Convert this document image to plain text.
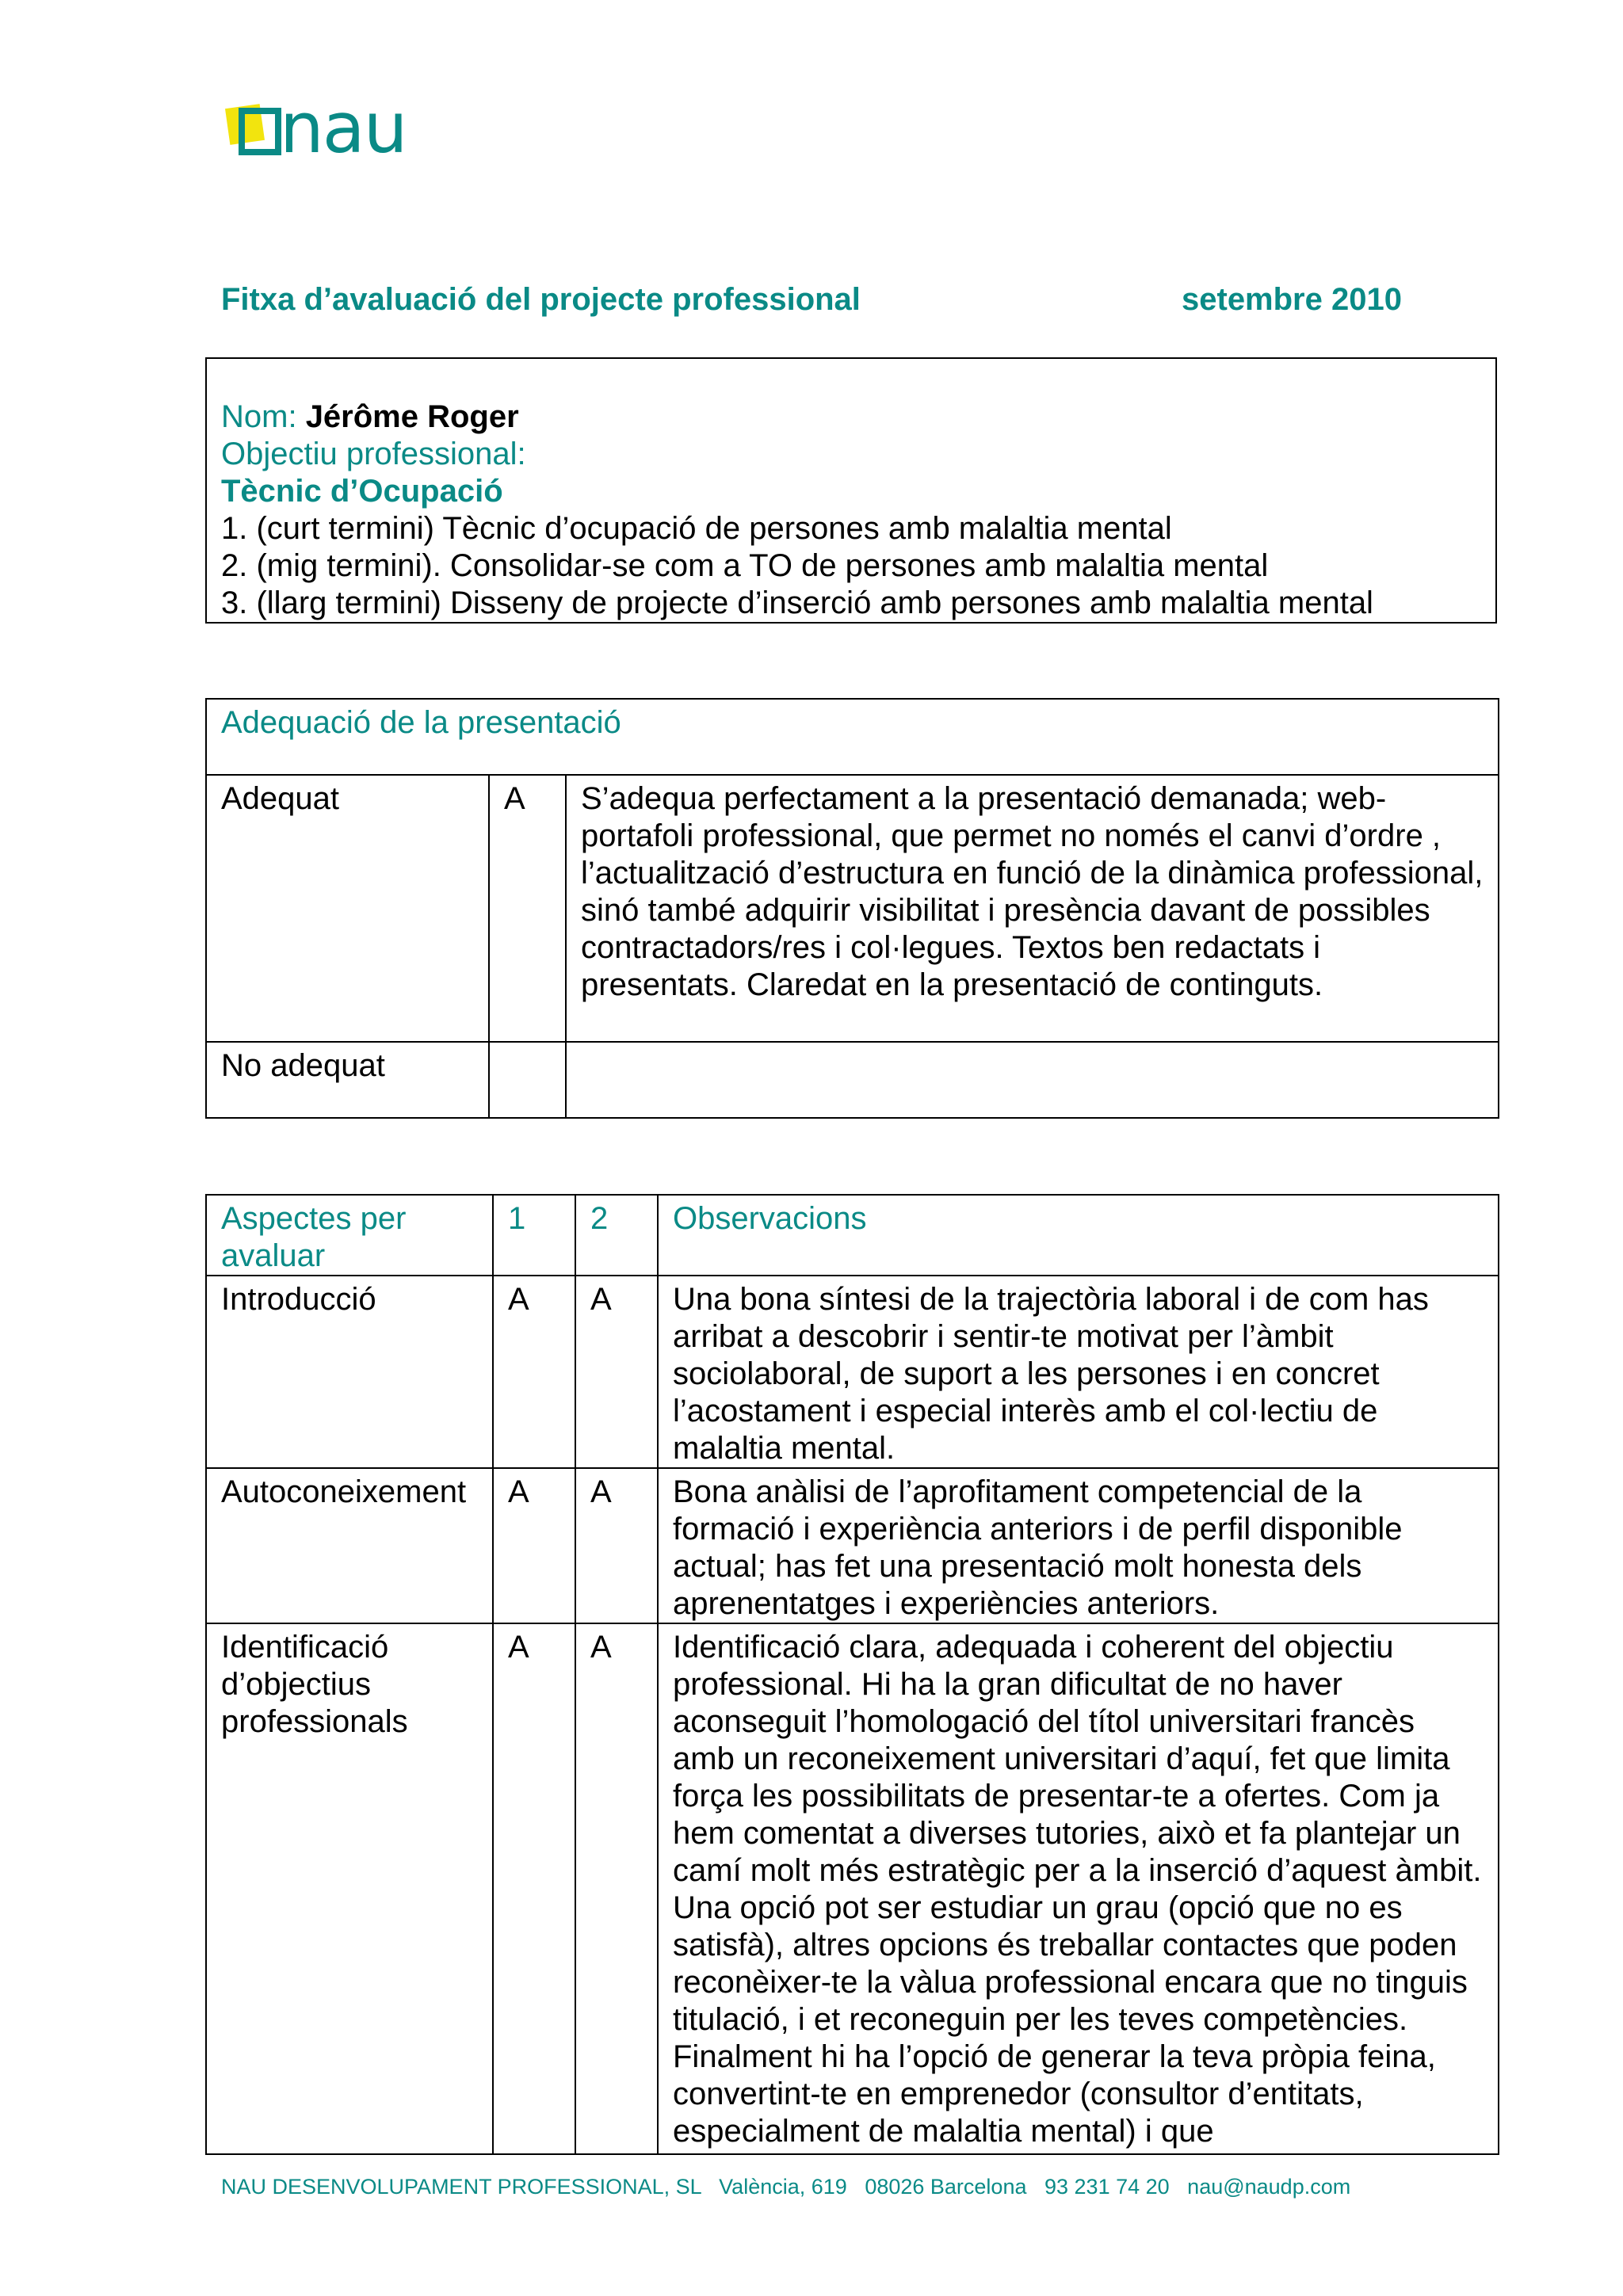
nau
Fitxa d’avaluació del projecte professional	setembre 2010
Nom: Jérôme Roger
Objectiu professional:
Tècnic d’Ocupació
1. (curt termini) Tècnic d’ocupació de persones amb malaltia mental
2. (mig termini). Consolidar-se com a TO de persones amb malaltia mental
3. (llarg termini) Disseny de projecte d’inserció amb persones amb malaltia mental
Adequació de la presentació		
Adequat	A	S’adequa perfectament a la presentació demanada; web-portafoli professional, que permet no només el canvi d’ordre , l’actualització d’estructura en funció de la dinàmica professional, sinó també adquirir visibilitat i presència davant de possibles contractadors/res i col·legues. Textos ben redactats i presentats. Claredat en la presentació de continguts.
No adequat		
Aspectes per avaluar	1	2	Observacions
Introducció	A	A	Una bona síntesi de la trajectòria laboral i de com has arribat a descobrir i sentir-te motivat per l’àmbit sociolaboral, de suport a les persones i en concret l’acostament i especial interès amb el col·lectiu de malaltia mental.
Autoconeixement	A	A	Bona anàlisi de l’aprofitament competencial de la formació i experiència anteriors i de perfil disponible actual; has fet una presentació molt honesta dels aprenentatges i experiències anteriors.
Identificació d’objectius professionals	A	A	Identificació clara, adequada i coherent del objectiu professional. Hi ha la gran dificultat de no haver aconseguit l’homologació del títol universitari francès amb un reconeixement universitari d’aquí, fet que limita força les possibilitats de presentar-te a ofertes. Com ja hem comentat a diverses tutories, això et fa plantejar un camí molt més estratègic per a la inserció d’aquest àmbit. Una opció pot ser estudiar un grau (opció que no es satisfà), altres opcions és treballar contactes que poden reconèixer-te la vàlua professional encara que no tinguis titulació, i et reconeguin per les teves competències. Finalment hi ha l’opció de generar la teva pròpia feina, convertint-te en emprenedor (consultor d’entitats, especialment de malaltia mental) i que
NAU DESENVOLUPAMENT PROFESSIONAL, SL València, 619 08026 Barcelona 93 231 74 20 nau@naudp.com
